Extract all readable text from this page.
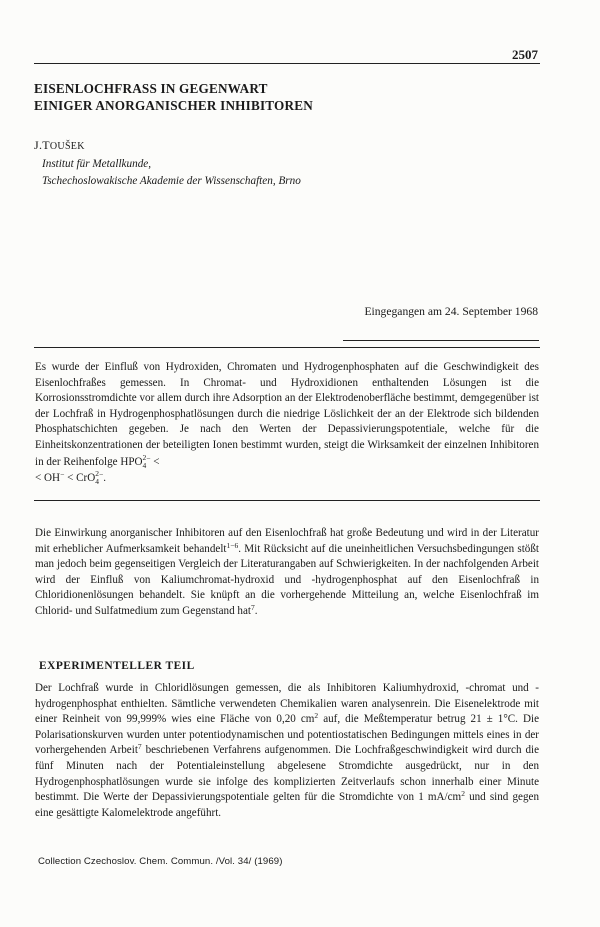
2507
EISENLOCHFRASS IN GEGENWART
EINIGER ANORGANISCHER INHIBITOREN
J.TOUŠEK
Institut für Metallkunde,
Tschechoslowakische Akademie der Wissenschaften, Brno
Eingegangen am 24. September 1968

Es wurde der Einfluß von Hydroxiden, Chromaten und Hydrogenphosphaten auf die Geschwindigkeit des Eisenlochfraßes gemessen. In Chromat- und Hydroxidionen enthaltenden Lösungen ist die Korrosionsstromdichte vor allem durch ihre Adsorption an der Elektrodenoberfläche bestimmt, demgegenüber ist der Lochfraß in Hydrogenphosphatlösungen durch die niedrige Löslichkeit der an der Elektrode sich bildenden Phosphatschichten gegeben. Je nach den Werten der Depassivierungspotentiale, welche für die Einheitskonzentrationen der beteiligten Ionen bestimmt wurden, steigt die Wirksamkeit der einzelnen Inhibitoren in der Reihenfolge HPO 2
4
− <
< OH− < CrO 2
4
−.

Die Einwirkung anorganischer Inhibitoren auf den Eisenlochfraß hat große Bedeutung und wird in der Literatur mit erheblicher Aufmerksamkeit behandelt$^{1-6}$. Mit Rücksicht auf die uneinheitlichen Versuchsbedingungen stößt man jedoch beim gegenseitigen Vergleich der Literaturangaben auf Schwierigkeiten. In der nachfolgenden Arbeit wird der Einfluß von Kaliumchromat-hydroxid und -hydrogenphosphat auf den Eisenlochfraß in Chloridionenlösungen behandelt. Sie knüpft an die vorhergehende Mitteilung an, welche Eisenlochfraß im Chlorid- und Sulfatmedium zum Gegenstand hat$^7$.

EXPERIMENTELLER TEIL

Der Lochfraß wurde in Chloridlösungen gemessen, die als Inhibitoren Kaliumhydroxid, -chromat und -hydrogenphosphat enthielten. Sämtliche verwendeten Chemikalien waren analysenrein. Die Eisenelektrode mit einer Reinheit von 99,999% wies eine Fläche von 0,20 $cm^2$ auf, die Meßtemperatur betrug 21 ± 1°C. Die Polarisationskurven wurden unter potentiodynamischen und potentiostatischen Bedingungen mittels eines in der vorhergehenden Arbeit$^7$ beschriebenen Verfahrens aufgenommen. Die Lochfraßgeschwindigkeit wird durch die fünf Minuten nach der Potentialeinstellung abgelesene Stromdichte ausgedrückt, nur in den Hydrogenphosphatlösungen wurde sie infolge des komplizierten Zeitverlaufs schon innerhalb einer Minute bestimmt. Die Werte der Depassivierungspotentiale gelten für die Stromdichte von 1 $mA/cm^2$ und sind gegen eine gesättigte Kalomelektrode angeführt.

Collection Czechoslov. Chem. Commun. /Vol. 34/ (1969)
